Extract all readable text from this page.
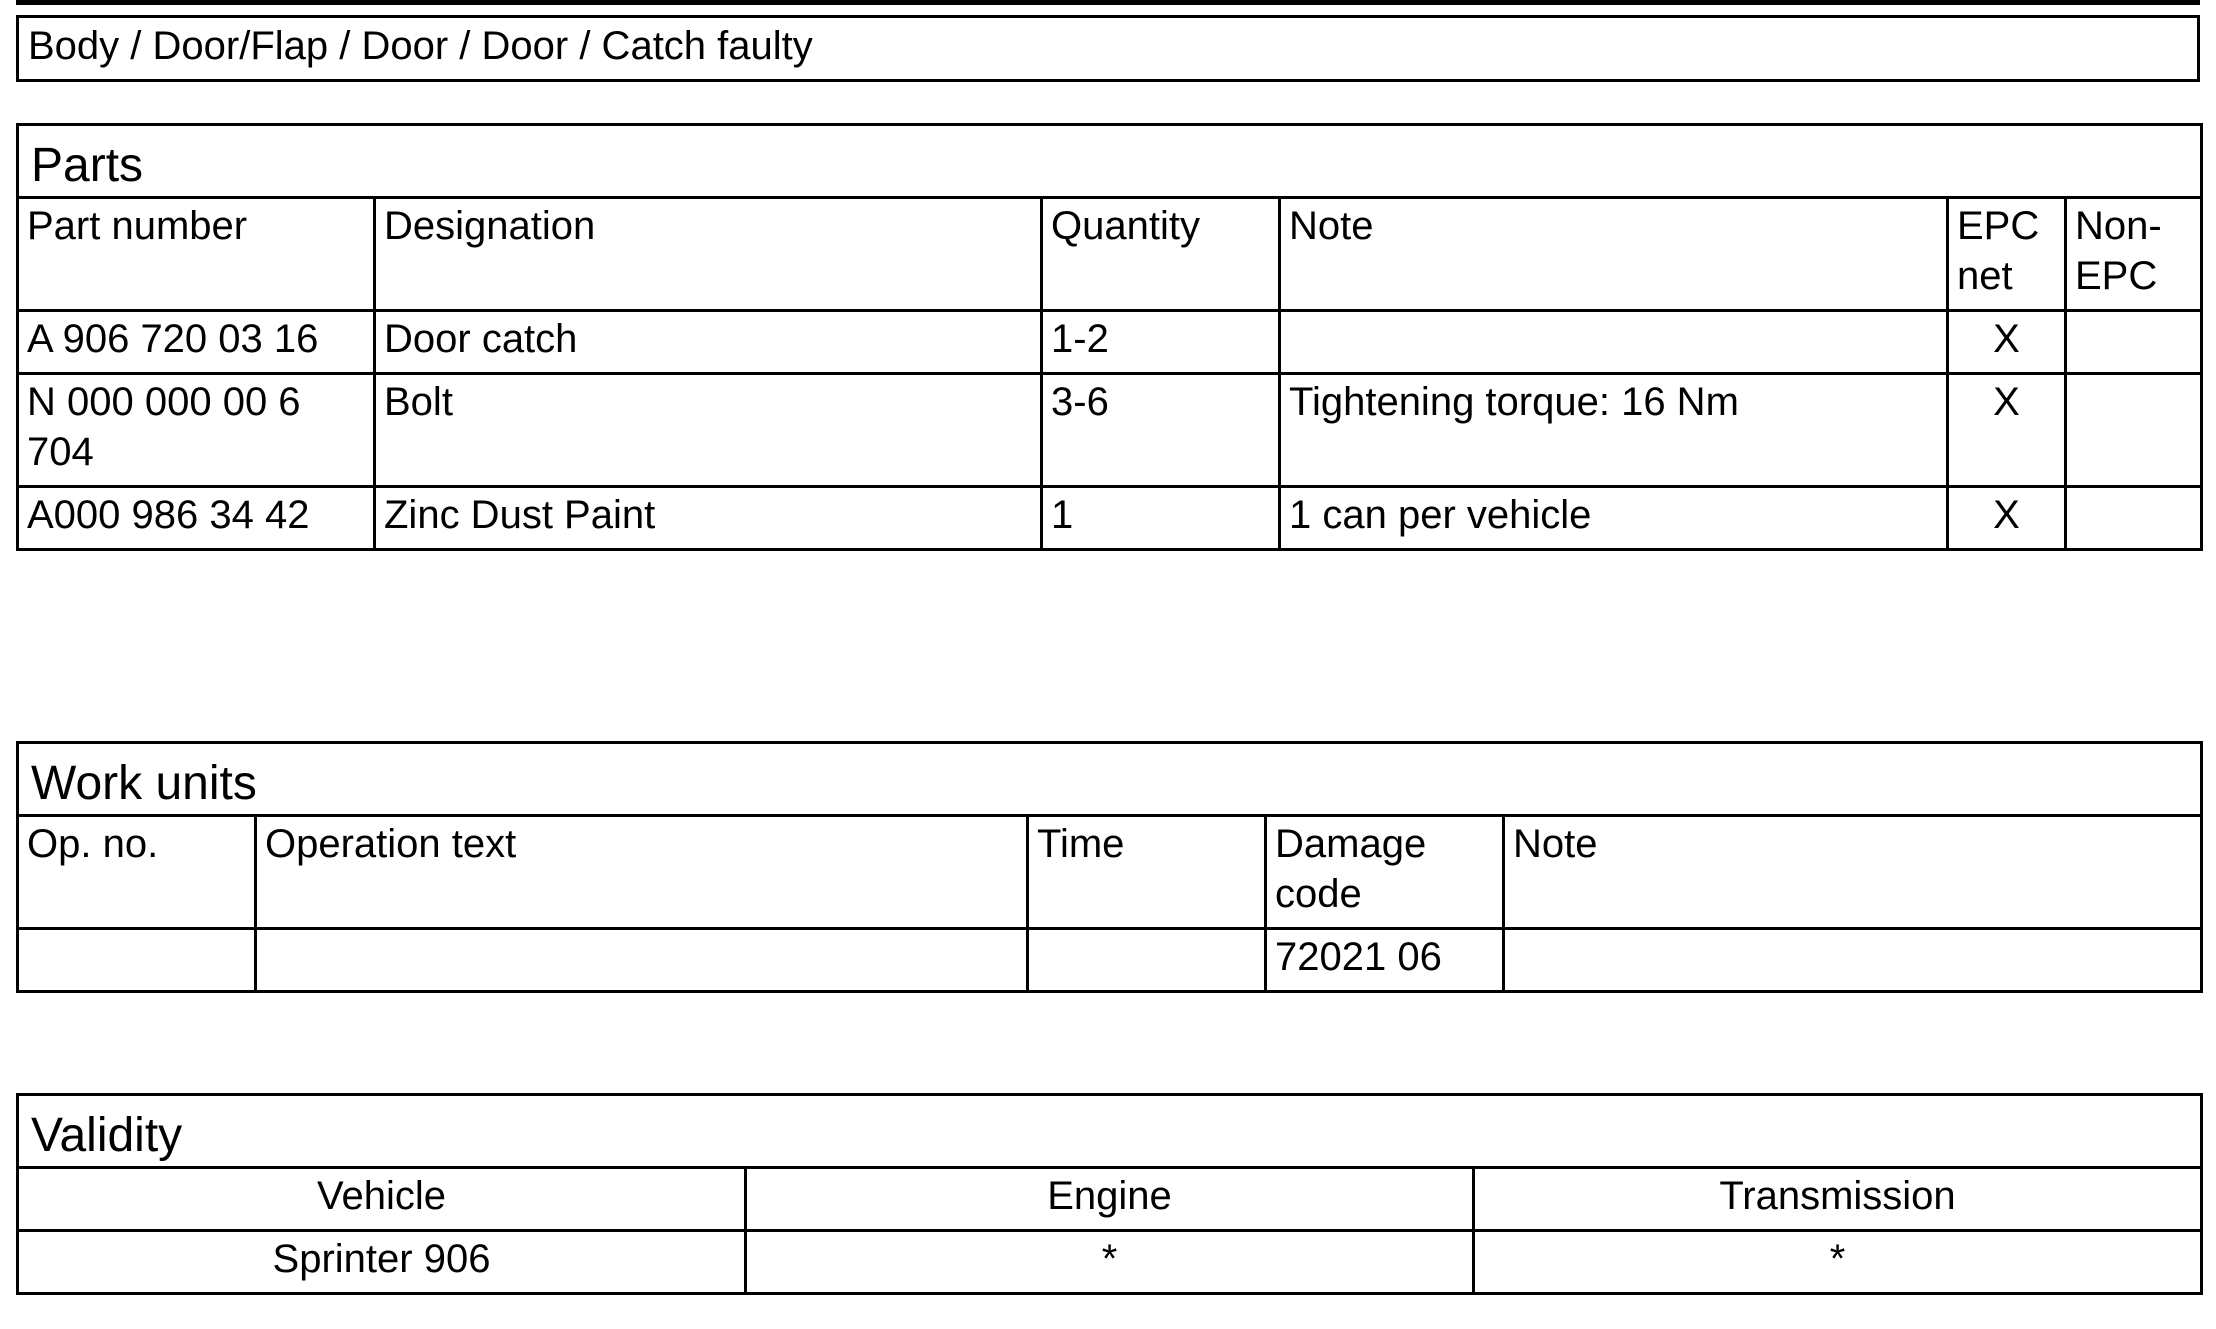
Body / Door/Flap / Door / Door / Catch faulty
Parts					
Part number	Designation	Quantity	Note	EPC net	Non-EPC
A 906 720 03 16	Door catch	1-2		X	
N 000 000 00 6 704	Bolt	3-6	Tightening torque: 16 Nm	X	
A000 986 34 42	Zinc Dust Paint	1	1 can per vehicle	X	
Work units				
Op. no.	Operation text	Time	Damage code	Note
			72021 06	
Validity		
Vehicle	Engine	Transmission
Sprinter 906	*	*
